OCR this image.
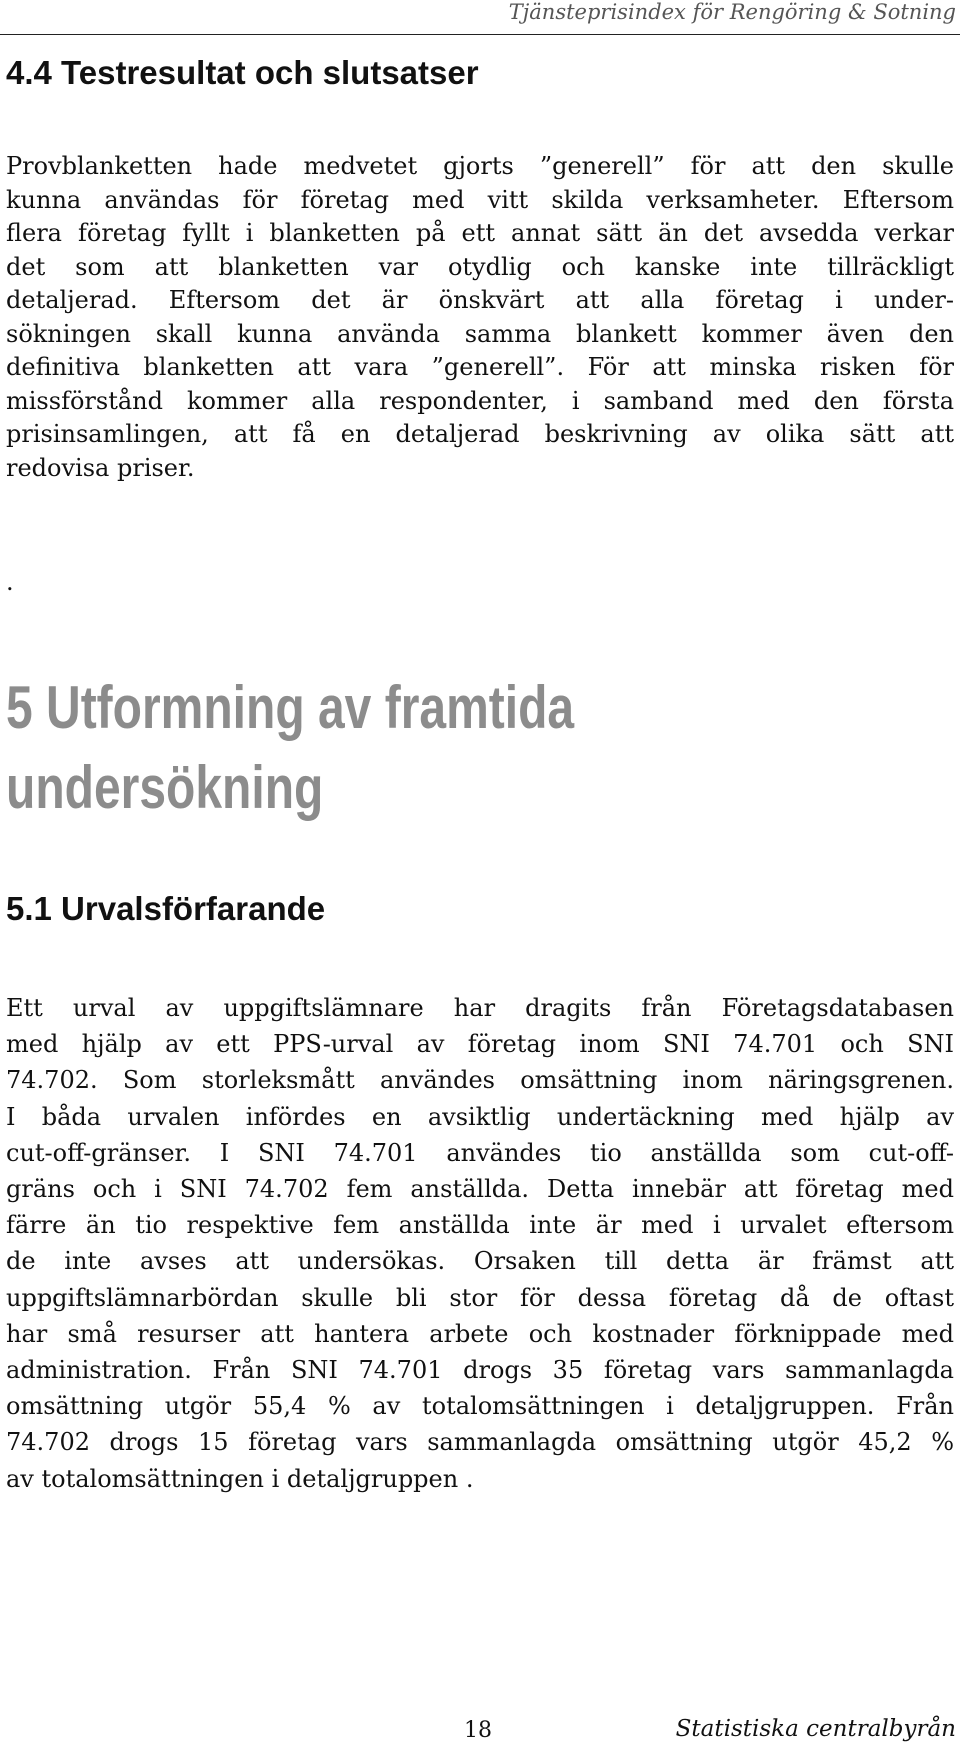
Tjänsteprisindex för Rengöring & Sotning
4.4 Testresultat och slutsatser
Provblanketten hade medvetet gjorts ”generell” för att den skulle
kunna användas för företag med vitt skilda verksamheter. Eftersom
flera företag fyllt i blanketten på ett annat sätt än det avsedda verkar
det som att blanketten var otydlig och kanske inte tillräckligt
detaljerad. Eftersom det är önskvärt att alla företag i under-
sökningen skall kunna använda samma blankett kommer även den
definitiva blanketten att vara ”generell”. För att minska risken för
missförstånd kommer alla respondenter, i samband med den första
prisinsamlingen, att få en detaljerad beskrivning av olika sätt att
redovisa priser.
.
5 Utformning av framtida undersökning
5.1 Urvalsförfarande
Ett urval av uppgiftslämnare har dragits från Företagsdatabasen
med hjälp av ett PPS-urval av företag inom SNI 74.701 och SNI
74.702. Som storleksmått användes omsättning inom näringsgrenen.
I båda urvalen infördes en avsiktlig undertäckning med hjälp av
cut-off-gränser. I SNI 74.701 användes tio anställda som cut-off-
gräns och i SNI 74.702 fem anställda. Detta innebär att företag med
färre än tio respektive fem anställda inte är med i urvalet eftersom
de inte avses att undersökas. Orsaken till detta är främst att
uppgiftslämnarbördan skulle bli stor för dessa företag då de oftast
har små resurser att hantera arbete och kostnader förknippade med
administration. Från SNI 74.701 drogs 35 företag vars sammanlagda
omsättning utgör 55,4 % av totalomsättningen i detaljgruppen. Från
74.702 drogs 15 företag vars sammanlagda omsättning utgör 45,2 %
av totalomsättningen i detaljgruppen .
18	Statistiska centralbyrån
